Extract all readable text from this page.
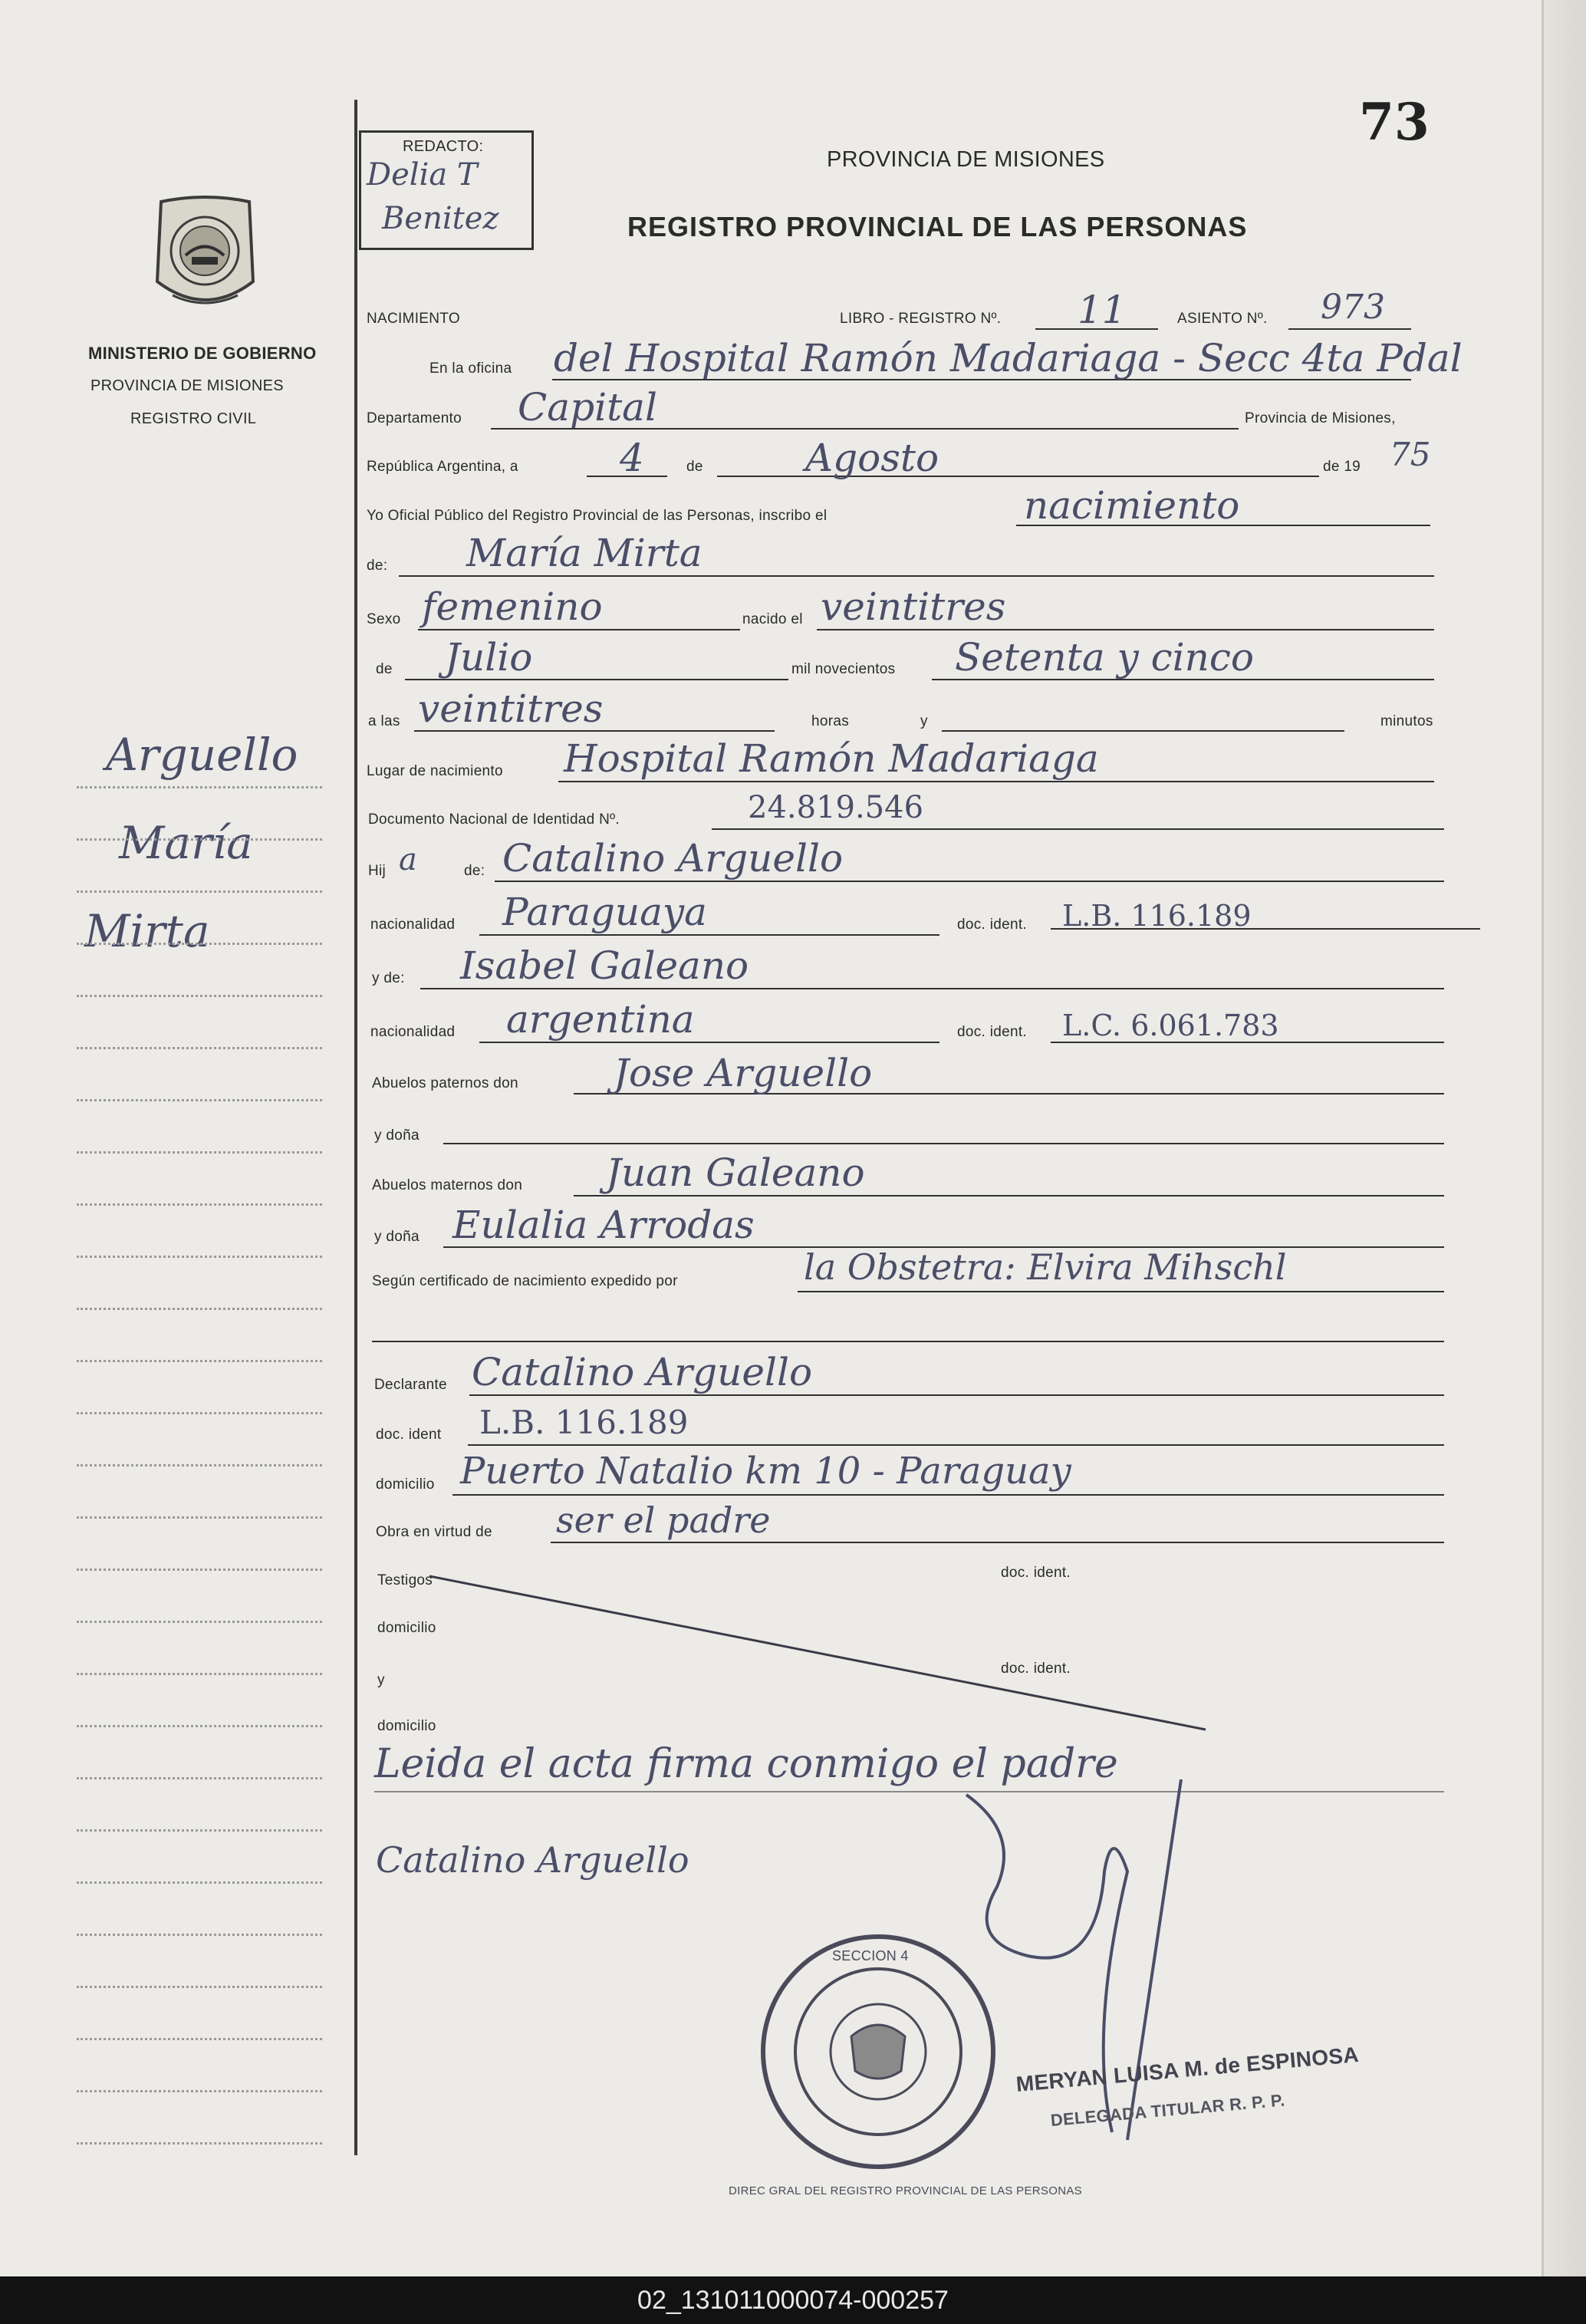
73
MINISTERIO DE GOBIERNO
PROVINCIA DE MISIONES
REGISTRO CIVIL
REDACTO:
Delia T
Benitez
PROVINCIA DE MISIONES
REGISTRO PROVINCIAL DE LAS PERSONAS
NACIMIENTO	LIBRO - REGISTRO Nº. 11	ASIENTO Nº. 973
En la oficina del Hospital Ramón Madariaga - Secc 4ta Pdal
Departamento Capital	Provincia de Misiones,
República Argentina, a	4	de	Agosto	de 19 75
Yo Oficial Público del Registro Provincial de las Personas, inscribo el	nacimiento
de: María Mirta
Sexo femenino	nacido el veintitres
de Julio	mil novecientos Setenta y cinco
a las veintitres	horas	y	minutos
Lugar de nacimiento Hospital Ramón Madariaga
Documento Nacional de Identidad Nº.	24.819.546
Hij a	de: Catalino Arguello
nacionalidad Paraguaya	doc. ident. L.B. 116.189
y de: Isabel Galeano
nacionalidad argentina	doc. ident. L.C. 6.061.783
Abuelos paternos don Jose Arguello
y doña
Abuelos maternos don Juan Galeano
y doña Eulalia Arrodas
Según certificado de nacimiento expedido por	la Obstetra: Elvira Mihschl
Declarante Catalino Arguello
doc. ident L.B. 116.189
domicilio Puerto Natalio km 10 - Paraguay
Obra en virtud de ser el padre
Testigos	doc. ident.
domicilio
y
doc. ident.
domicilio
Leida el acta firma conmigo el padre
Catalino Arguello
SECCION 4
DIREC GRAL DEL REGISTRO PROVINCIAL DE LAS PERSONAS
MERYAN LUISA M. de ESPINOSA
DELEGADA TITULAR R. P. P.
Arguello
María
Mirta
02_131011000074-000257
